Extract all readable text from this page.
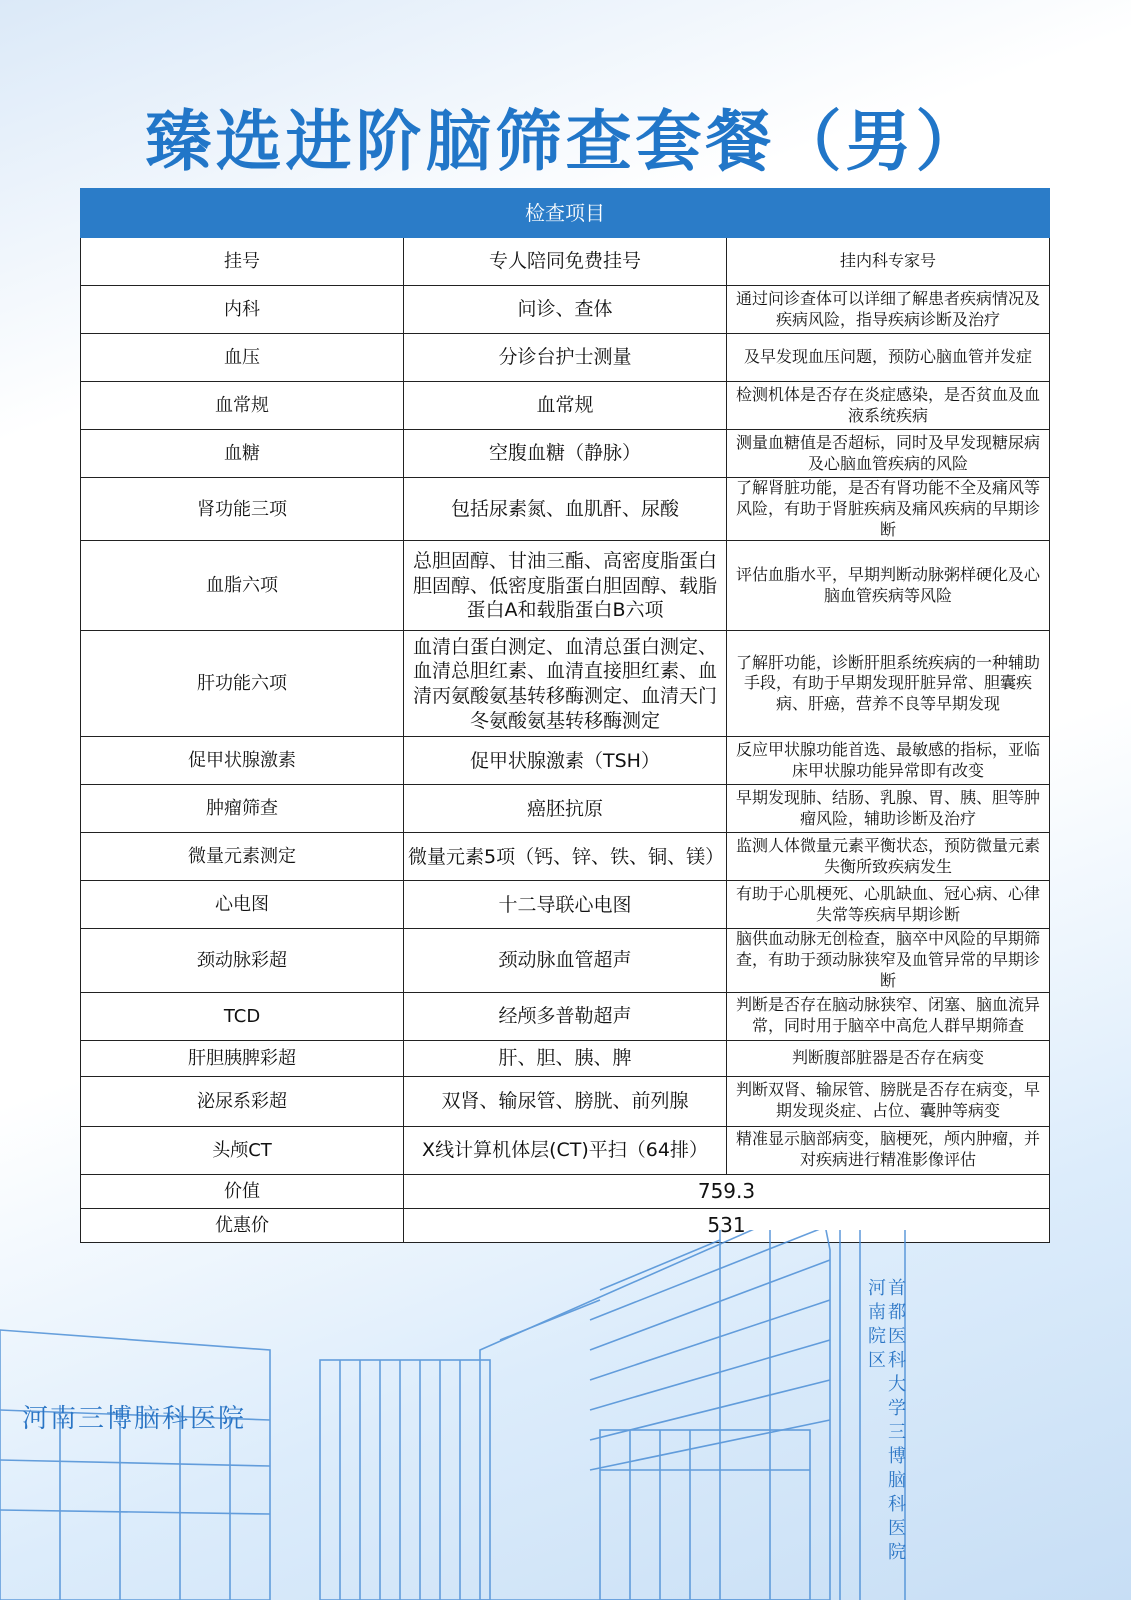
臻选进阶脑筛查套餐（男）
检查项目		
挂号	专人陪同免费挂号	挂内科专家号
内科	问诊、查体	通过问诊查体可以详细了解患者疾病情况及疾病风险，指导疾病诊断及治疗
血压	分诊台护士测量	及早发现血压问题，预防心脑血管并发症
血常规	血常规	检测机体是否存在炎症感染，是否贫血及血液系统疾病
血糖	空腹血糖（静脉）	测量血糖值是否超标，同时及早发现糖尿病及心脑血管疾病的风险
肾功能三项	包括尿素氮、血肌酐、尿酸	了解肾脏功能，是否有肾功能不全及痛风等风险，有助于肾脏疾病及痛风疾病的早期诊断
血脂六项	总胆固醇、甘油三酯、高密度脂蛋白胆固醇、低密度脂蛋白胆固醇、载脂蛋白A和载脂蛋白B六项	评估血脂水平，早期判断动脉粥样硬化及心脑血管疾病等风险
肝功能六项	血清白蛋白测定、血清总蛋白测定、血清总胆红素、血清直接胆红素、血清丙氨酸氨基转移酶测定、血清天门冬氨酸氨基转移酶测定	了解肝功能，诊断肝胆系统疾病的一种辅助手段，有助于早期发现肝脏异常、胆囊疾病、肝癌，营养不良等早期发现
促甲状腺激素	促甲状腺激素（TSH）	反应甲状腺功能首选、最敏感的指标，亚临床甲状腺功能异常即有改变
肿瘤筛查	癌胚抗原	早期发现肺、结肠、乳腺、胃、胰、胆等肿瘤风险，辅助诊断及治疗
微量元素测定	微量元素5项（钙、锌、铁、铜、镁）	监测人体微量元素平衡状态，预防微量元素失衡所致疾病发生
心电图	十二导联心电图	有助于心肌梗死、心肌缺血、冠心病、心律失常等疾病早期诊断
颈动脉彩超	颈动脉血管超声	脑供血动脉无创检查，脑卒中风险的早期筛查，有助于颈动脉狭窄及血管异常的早期诊断
TCD	经颅多普勒超声	判断是否存在脑动脉狭窄、闭塞、脑血流异常，同时用于脑卒中高危人群早期筛查
肝胆胰脾彩超	肝、胆、胰、脾	判断腹部脏器是否存在病变
泌尿系彩超	双肾、输尿管、膀胱、前列腺	判断双肾、输尿管、膀胱是否存在病变，早期发现炎症、占位、囊肿等病变
头颅CT	X线计算机体层(CT)平扫（64排）	精准显示脑部病变，脑梗死，颅内肿瘤，并对疾病进行精准影像评估
价值	759.3	
优惠价	531	
河南三博脑科医院	首都医科大学三博脑科医院
河南院区
